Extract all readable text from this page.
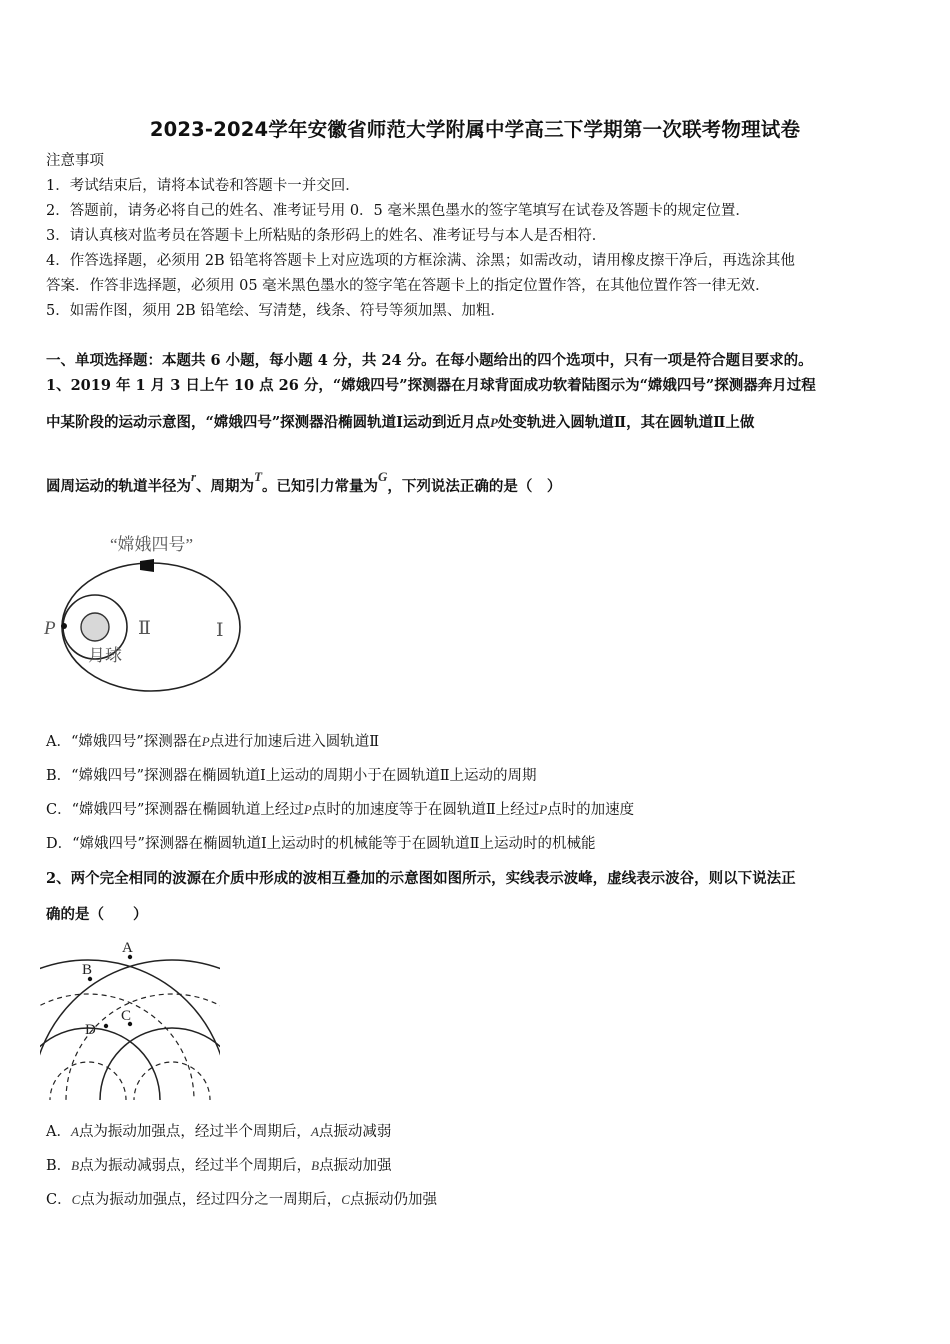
2023-2024学年安徽省师范大学附属中学高三下学期第一次联考物理试卷
注意事项
1．考试结束后，请将本试卷和答题卡一并交回．
2．答题前，请务必将自己的姓名、准考证号用 0．5 毫米黑色墨水的签字笔填写在试卷及答题卡的规定位置．
3．请认真核对监考员在答题卡上所粘贴的条形码上的姓名、准考证号与本人是否相符．
4．作答选择题，必须用 2B 铅笔将答题卡上对应选项的方框涂满、涂黑；如需改动，请用橡皮擦干净后，再选涂其他
答案．作答非选择题，必须用 05 毫米黑色墨水的签字笔在答题卡上的指定位置作答，在其他位置作答一律无效．
5．如需作图，须用 2B 铅笔绘、写清楚，线条、符号等须加黑、加粗．
一、单项选择题：本题共 6 小题，每小题 4 分，共 24 分。在每小题给出的四个选项中，只有一项是符合题目要求的。
1、2019 年 1 月 3 日上午 10 点 26 分，“嫦娥四号”探测器在月球背面成功软着陆图示为“嫦娥四号”探测器奔月过程
中某阶段的运动示意图，“嫦娥四号”探测器沿椭圆轨道Ⅰ运动到近月点P处变轨进入圆轨道Ⅱ，其在圆轨道Ⅱ上做
圆周运动的轨道半径为r、周期为T。已知引力常量为G，下列说法正确的是（　）
“嫦娥四号”
P	Ⅱ	Ⅰ
月球
A．“嫦娥四号”探测器在P点进行加速后进入圆轨道Ⅱ
B．“嫦娥四号”探测器在椭圆轨道Ⅰ上运动的周期小于在圆轨道Ⅱ上运动的周期
C．“嫦娥四号”探测器在椭圆轨道上经过P点时的加速度等于在圆轨道Ⅱ上经过P点时的加速度
D．“嫦娥四号”探测器在椭圆轨道Ⅰ上运动时的机械能等于在圆轨道Ⅱ上运动时的机械能
2、两个完全相同的波源在介质中形成的波相互叠加的示意图如图所示，实线表示波峰，虚线表示波谷，则以下说法正
确的是（　　）
A
B
C
D
A．A点为振动加强点，经过半个周期后，A点振动减弱
B．B点为振动减弱点，经过半个周期后，B点振动加强
C．C点为振动加强点，经过四分之一周期后，C点振动仍加强
